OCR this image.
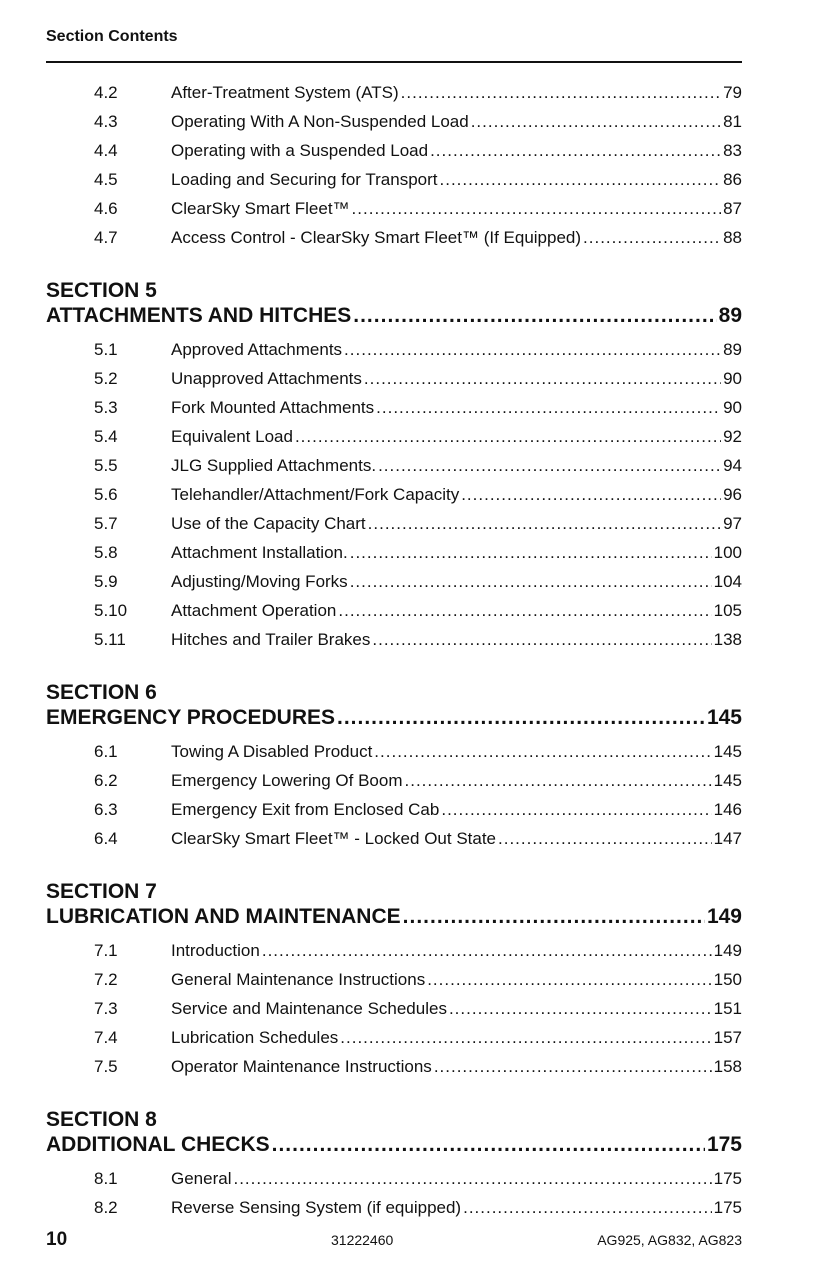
Section Contents
4.2	After-Treatment System (ATS) .....	79
4.3	Operating With A Non-Suspended Load .....	81
4.4	Operating with a Suspended Load .....	83
4.5	Loading and Securing for Transport .....	86
4.6	ClearSky Smart Fleet™ .....	87
4.7	Access Control - ClearSky Smart Fleet™ (If Equipped) .....	88
SECTION 5
ATTACHMENTS AND HITCHES .....	89
5.1	Approved Attachments .....	89
5.2	Unapproved Attachments .....	90
5.3	Fork Mounted Attachments .....	90
5.4	Equivalent Load .....	92
5.5	JLG Supplied Attachments. .....	94
5.6	Telehandler/Attachment/Fork Capacity .....	96
5.7	Use of the Capacity Chart .....	97
5.8	Attachment Installation. .....	100
5.9	Adjusting/Moving Forks .....	104
5.10	Attachment Operation .....	105
5.11	Hitches and Trailer Brakes .....	138
SECTION 6
EMERGENCY PROCEDURES .....	145
6.1	Towing A Disabled Product .....	145
6.2	Emergency Lowering Of Boom .....	145
6.3	Emergency Exit from Enclosed Cab .....	146
6.4	ClearSky Smart Fleet™ - Locked Out State .....	147
SECTION 7
LUBRICATION AND MAINTENANCE .....	149
7.1	Introduction .....	149
7.2	General Maintenance Instructions .....	150
7.3	Service and Maintenance Schedules .....	151
7.4	Lubrication Schedules .....	157
7.5	Operator Maintenance Instructions .....	158
SECTION 8
ADDITIONAL CHECKS .....	175
8.1	General .....	175
8.2	Reverse Sensing System (if equipped) .....	175
10	31222460	AG925, AG832, AG823
